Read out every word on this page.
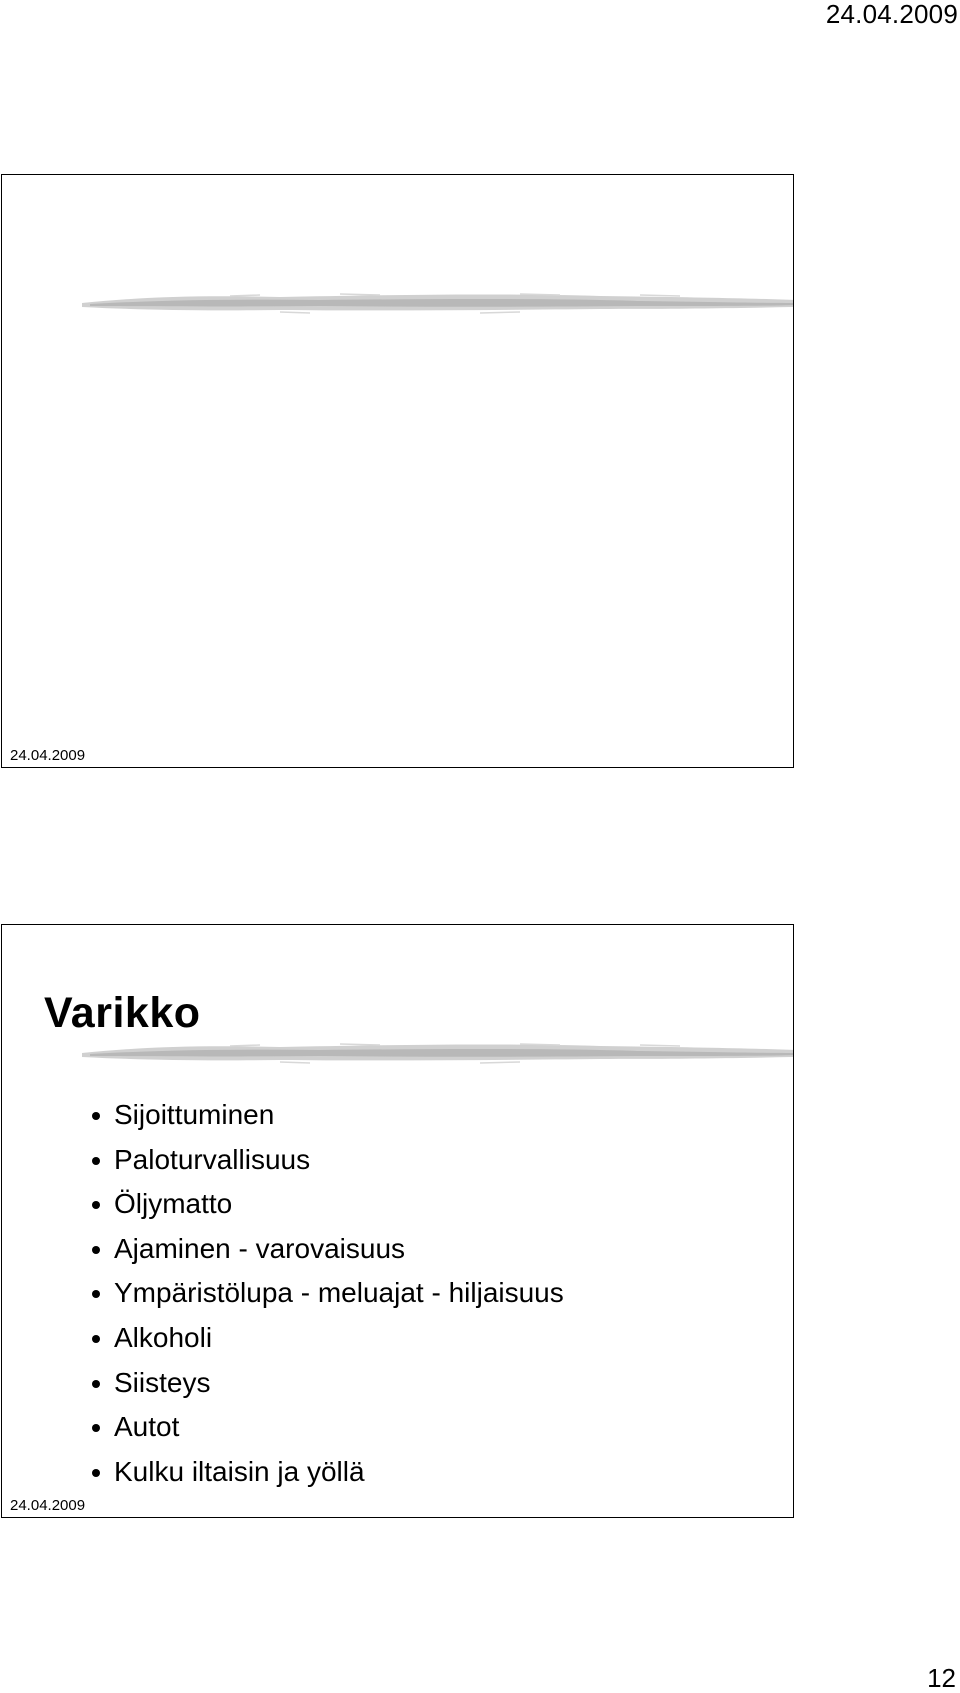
24.04.2009
24.04.2009
Varikko
Sijoittuminen
Paloturvallisuus
Öljymatto
Ajaminen - varovaisuus
Ympäristölupa - meluajat - hiljaisuus
Alkoholi
Siisteys
Autot
Kulku iltaisin ja yöllä
24.04.2009
12
